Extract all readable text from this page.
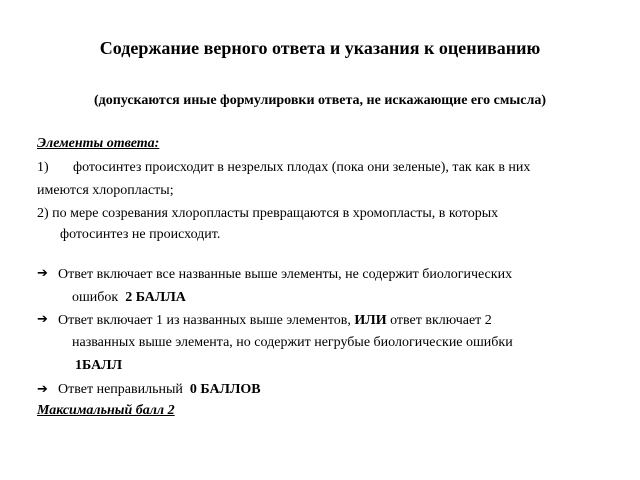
Содержание верного ответа и указания к оцениванию
(допускаются иные формулировки ответа, не искажающие его смысла)
Элементы ответа:
1) фотосинтез происходит в незрелых плодах (пока они зеленые), так как в них
имеются хлоропласты;
2) по мере созревания хлоропласты превращаются в хромопласты, в которых
фотосинтез не происходит.
➔ Ответ включает все названные выше элементы, не содержит биологических
ошибок 2 БАЛЛА
➔ Ответ включает 1 из названных выше элементов, ИЛИ ответ включает 2
названных выше элемента, но содержит негрубые биологические ошибки
1БАЛЛ
➔ Ответ неправильный 0 БАЛЛОВ
Максимальный балл 2
